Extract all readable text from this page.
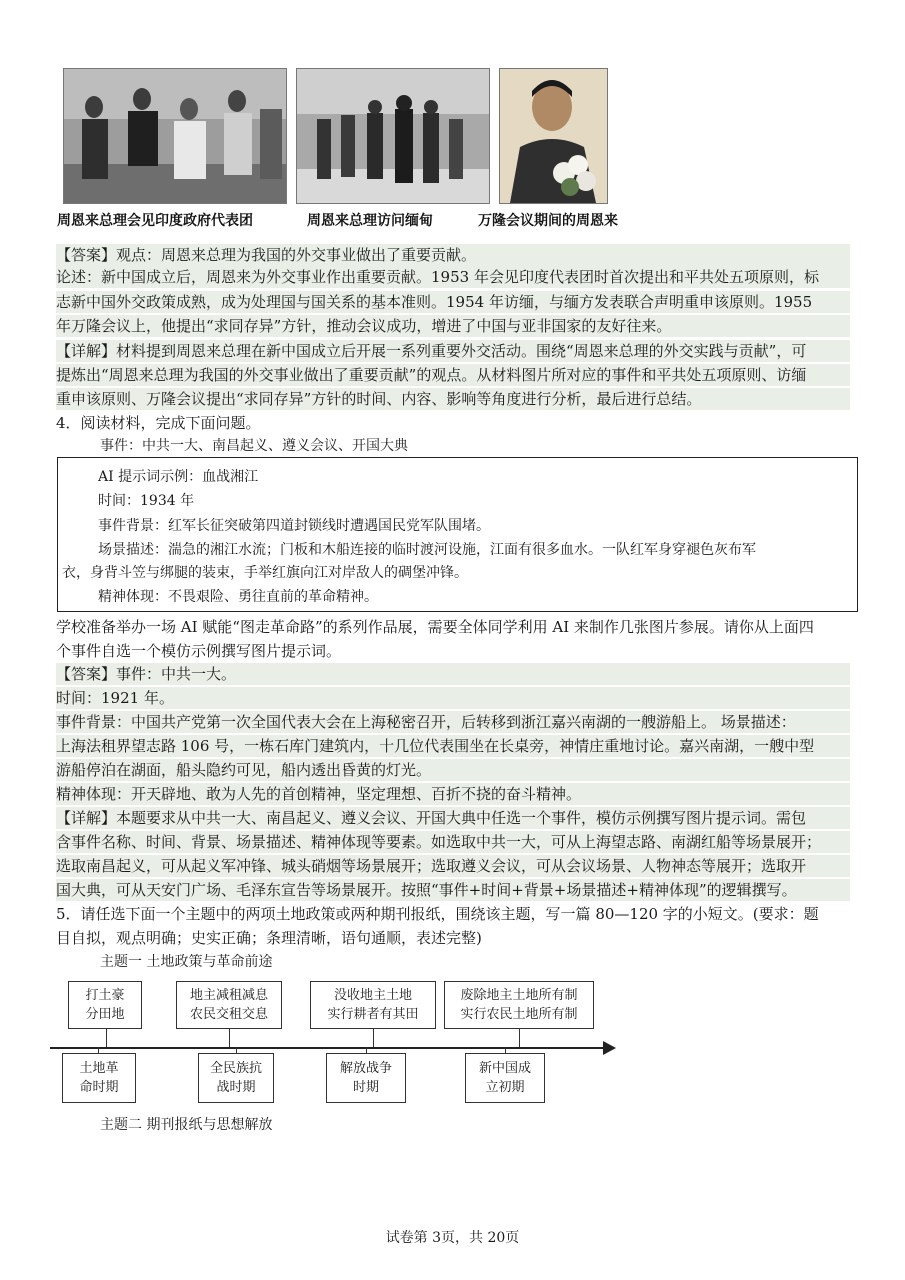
周恩来总理会见印度政府代表团	周恩来总理访问缅甸	万隆会议期间的周恩来
【答案】观点：周恩来总理为我国的外交事业做出了重要贡献。
论述：新中国成立后，周恩来为外交事业作出重要贡献。1953 年会见印度代表团时首次提出和平共处五项原则，标
志新中国外交政策成熟，成为处理国与国关系的基本准则。1954 年访缅，与缅方发表联合声明重申该原则。1955
年万隆会议上，他提出“求同存异”方针，推动会议成功，增进了中国与亚非国家的友好往来。
【详解】材料提到周恩来总理在新中国成立后开展一系列重要外交活动。围绕“周恩来总理的外交实践与贡献”，可
提炼出“周恩来总理为我国的外交事业做出了重要贡献”的观点。从材料图片所对应的事件和平共处五项原则、访缅
重申该原则、万隆会议提出“求同存异”方针的时间、内容、影响等角度进行分析，最后进行总结。
4．阅读材料，完成下面问题。
事件：中共一大、南昌起义、遵义会议、开国大典
AI 提示词示例：血战湘江
时间：1934 年
事件背景：红军长征突破第四道封锁线时遭遇国民党军队围堵。
场景描述：湍急的湘江水流；门板和木船连接的临时渡河设施，江面有很多血水。一队红军身穿褪色灰布军
衣，身背斗笠与绑腿的装束，手举红旗向江对岸敌人的碉堡冲锋。
精神体现：不畏艰险、勇往直前的革命精神。
学校准备举办一场 AI 赋能“图走革命路”的系列作品展，需要全体同学利用 AI 来制作几张图片参展。请你从上面四
个事件自选一个模仿示例撰写图片提示词。
【答案】事件：中共一大。
时间：1921 年。
事件背景：中国共产党第一次全国代表大会在上海秘密召开，后转移到浙江嘉兴南湖的一艘游船上。 场景描述：
上海法租界望志路 106 号，一栋石库门建筑内，十几位代表围坐在长桌旁，神情庄重地讨论。嘉兴南湖，一艘中型
游船停泊在湖面，船头隐约可见，船内透出昏黄的灯光。
精神体现：开天辟地、敢为人先的首创精神，坚定理想、百折不挠的奋斗精神。
【详解】本题要求从中共一大、南昌起义、遵义会议、开国大典中任选一个事件，模仿示例撰写图片提示词。需包
含事件名称、时间、背景、场景描述、精神体现等要素。如选取中共一大，可从上海望志路、南湖红船等场景展开；
选取南昌起义，可从起义军冲锋、城头硝烟等场景展开；选取遵义会议，可从会议场景、人物神态等展开；选取开
国大典，可从天安门广场、毛泽东宣告等场景展开。按照“事件+时间+背景+场景描述+精神体现”的逻辑撰写。
5．请任选下面一个主题中的两项土地政策或两种期刊报纸，围绕该主题，写一篇 80—120 字的小短文。(要求：题
目自拟，观点明确；史实正确；条理清晰，语句通顺，表述完整)
主题一 土地政策与革命前途
打土豪
分田地
地主减租减息
农民交租交息
没收地主土地
实行耕者有其田
废除地主土地所有制
实行农民土地所有制
土地革
命时期
全民族抗
战时期
解放战争
时期
新中国成
立初期
主题二 期刊报纸与思想解放
试卷第 3页，共 20页
